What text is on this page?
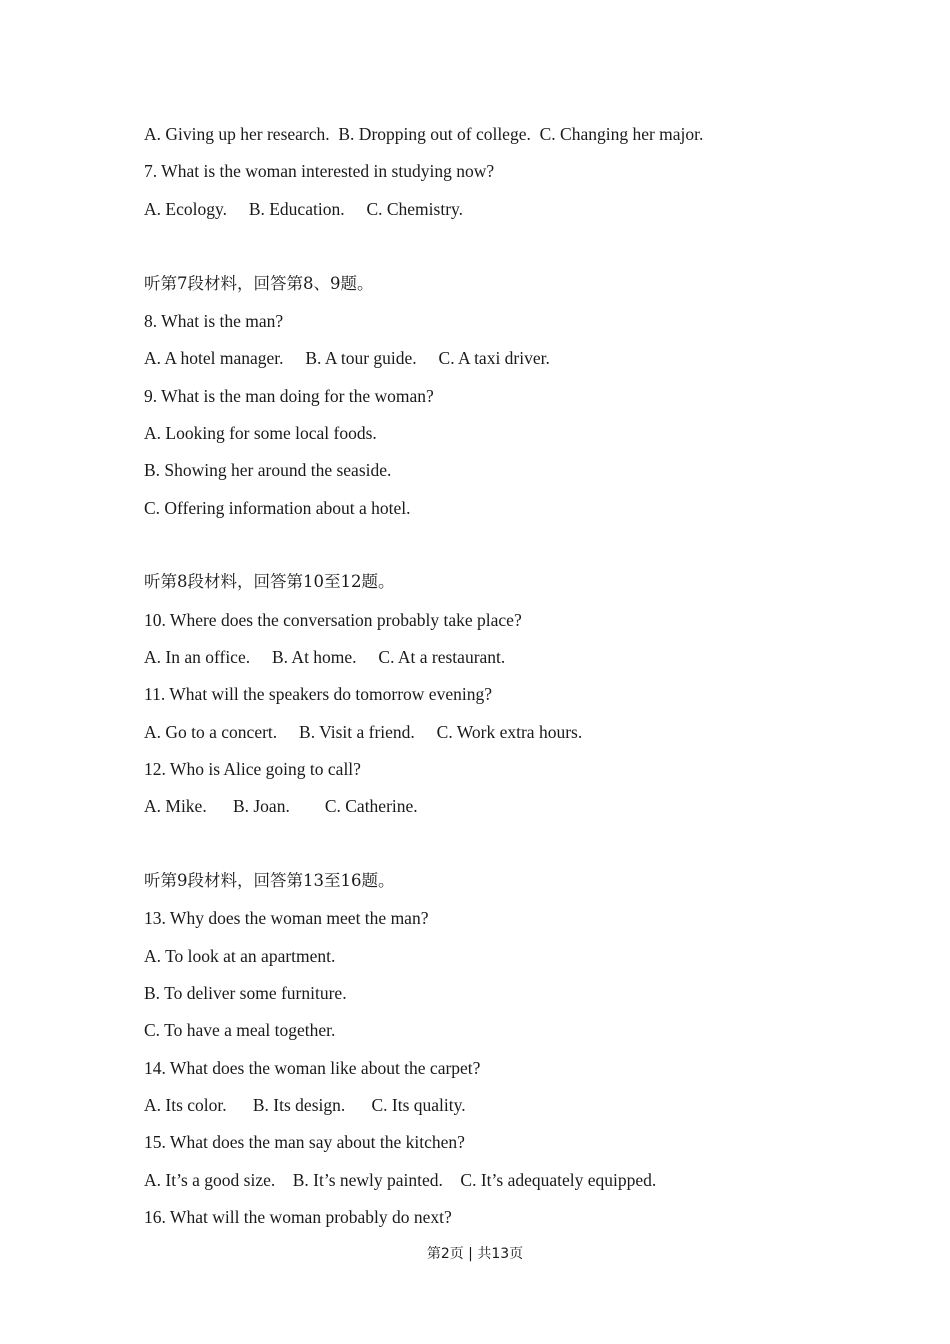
A. Giving up her research.  B. Dropping out of college.  C. Changing her major.
7. What is the woman interested in studying now?
A. Ecology.     B. Education.     C. Chemistry.
听第7段材料，回答第8、9题。
8. What is the man?
A. A hotel manager.     B. A tour guide.     C. A taxi driver.
9. What is the man doing for the woman?
A. Looking for some local foods.
B. Showing her around the seaside.
C. Offering information about a hotel.
听第8段材料，回答第10至12题。
10. Where does the conversation probably take place?
A. In an office.     B. At home.     C. At a restaurant.
11. What will the speakers do tomorrow evening?
A. Go to a concert.     B. Visit a friend.     C. Work extra hours.
12. Who is Alice going to call?
A. Mike.      B. Joan.        C. Catherine.
听第9段材料，回答第13至16题。
13. Why does the woman meet the man?
A. To look at an apartment.
B. To deliver some furniture.
C. To have a meal together.
14. What does the woman like about the carpet?
A. Its color.      B. Its design.      C. Its quality.
15. What does the man say about the kitchen?
A. It’s a good size.    B. It’s newly painted.    C. It’s adequately equipped.
16. What will the woman probably do next?
第2页 | 共13页
